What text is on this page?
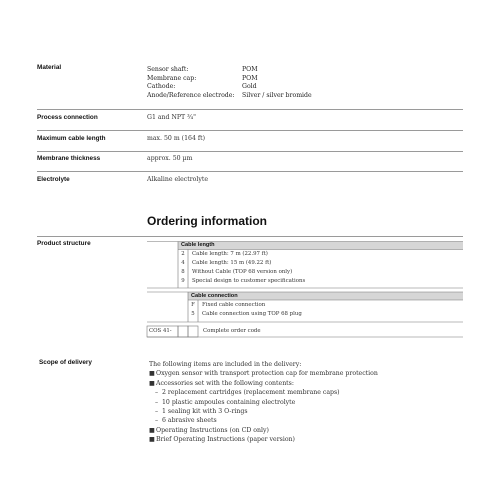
Material	Sensor shaft:	POM
Membrane cap:	POM
Cathode:	Gold
Anode/Reference electrode:	Silver / silver bromide
Process connection	G1 and NPT ¾"
Maximum cable length	max. 50 m (164 ft)
Membrane thickness	approx. 50 µm
Electrolyte	Alkaline electrolyte
Ordering information
Product structure	Cable length
2	Cable length: 7 m (22.97 ft)
4	Cable length: 15 m (49.22 ft)
8	Without Cable (TOP 68 version only)
9	Special design to customer specifications
Cable connection
F	Fixed cable connection
5	Cable connection using TOP 68 plug
COS 41-	Complete order code
Scope of delivery	The following items are included in the delivery:
■Oxygen sensor with transport protection cap for membrane protection
■Accessories set with the following contents:
– 2 replacement cartridges (replacement membrane caps)
– 10 plastic ampoules containing electrolyte
– 1 sealing kit with 3 O-rings
– 6 abrasive sheets
■Operating Instructions (on CD only)
■Brief Operating Instructions (paper version)
